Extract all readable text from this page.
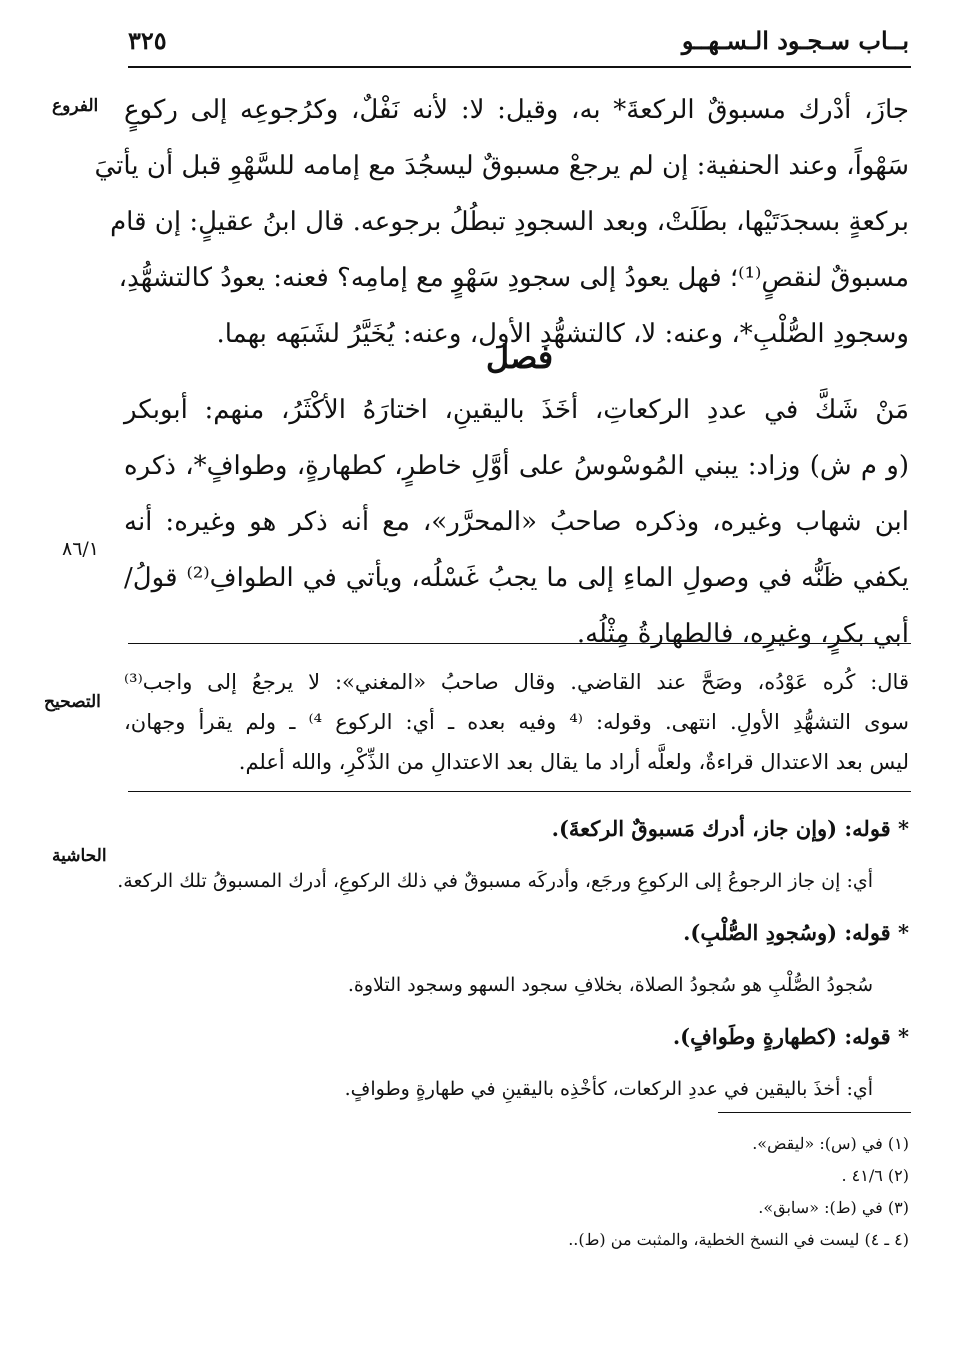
بــاب سـجـود الـسـهــو
٣٢٥
الفروع
٨٦/١
التصحيح
الحاشية
جازَ، أدْرك مسبوقٌ الركعةَ* به، وقيل: لا: لأنه نَفْلٌ، وكرُجوعِه إلى ركوعٍ
سَهْواً، وعند الحنفية: إن لم يرجعْ مسبوقٌ ليسجُدَ مع إمامه للسَّهْوِ قبل أن يأتيَ
بركعةٍ بسجدَتَيْها، بطَلَتْ، وبعد السجودِ تبطُلُ برجوعه. قال ابنُ عقيلٍ: إن قام
مسبوقٌ لنقصٍ⁽¹⁾؛ فهل يعودُ إلى سجودِ سَهْوٍ مع إمامِه؟ فعنه: يعودُ كالتشهُّدِ،
وسجودِ الصُّلْبِ*، وعنه: لا، كالتشهُّدِ الأول، وعنه: يُخَيَّرُ لشَبَهه بهما.
فصل
مَنْ شَكَّ في عددِ الركعاتِ، أخَذَ باليقينِ، اختارَهُ الأكْثَرُ، منهم: أبوبكر
(و م ش) وزاد: يبني المُوسْوسُ على أوَّلِ خاطرٍ، كطهارةٍ، وطوافٍ*، ذكره
ابن شهاب وغيره، وذكره صاحبُ «المحرَّر»، مع أنه ذكر هو وغيره: أنه
يكفي ظَنُّه في وصولِ الماءِ إلى ما يجبُ غَسْلُه، ويأتي في الطوافِ⁽²⁾ قولُ/
أبي بكرٍ، وغيرِه، فالطهارةُ مِثْلُه.
قال: كُره عَوْدُه، وصَحَّ عند القاضي. وقال صاحبُ «المغني»: لا يرجعُ إلى واجب⁽³⁾
سوى التشهُّدِ الأولِ. انتهى. وقوله: ⁽⁴ وفيه بعده ـ أي: الركوع ⁴⁾ ـ ولم يقرأ وجهان،
ليس بعد الاعتدال قراءةٌ، ولعلَّه أراد ما يقال بعد الاعتدالِ من الذِّكْرِ، والله أعلم.
* قوله: (وإن جاز، أدرك مَسبوقٌ الركعةَ).
أي: إن جاز الرجوعُ إلى الركوعِ ورجَع، وأدركَه مسبوقٌ في ذلك الركوعِ، أدرك المسبوقُ تلك الركعة.
* قوله: (وسُجودِ الصُّلْبِ).
سُجودُ الصُّلْبِ هو سُجودُ الصلاة، بخلافِ سجود السهو وسجود التلاوة.
* قوله: (كطهارةٍ وطَوافٍ).
أي: أخذَ باليقين في عددِ الركعات، كأخْذِه باليقينِ في طهارةٍ وطوافٍ.
(١) في (س): «ليقض».
(٢) ٤١/٦ .
(٣) في (ط): «سابق».
(٤ ـ ٤) ليست في النسخ الخطية، والمثبت من (ط)..
